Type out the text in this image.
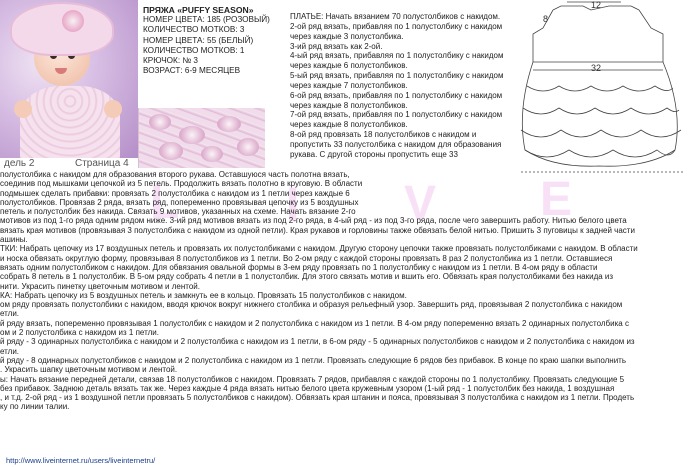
дель 2	Страница 4
ПРЯЖА «PUFFY SEASON»
НОМЕР ЦВЕТА: 185 (РОЗОВЫЙ)
КОЛИЧЕСТВО МОТКОВ: 3
НОМЕР ЦВЕТА: 55 (БЕЛЫЙ)
КОЛИЧЕСТВО МОТКОВ: 1
КРЮЧОК: № 3
ВОЗРАСТ: 6-9 МЕСЯЦЕВ
ПЛАТЬЕ: Начать вязанием 70 полустолбиков с накидом.
2-ой ряд вязать, прибавляя по 1 полустолбику с накидом
через каждые 3 полустолбика.
3-ий ряд вязать как 2-ой.
4-ый ряд вязать, прибавляя по 1 полустолбику с накидом
через каждые 6 полустолбиков.
5-ый ряд вязать, прибавляя по 1 полустолбику с накидом
через каждые 7 полустолбиков.
6-ой ряд вязать, прибавляя по 1 полустолбику с накидом
через каждые 8 полустолбиков.
7-ой ряд вязать, прибавляя по 1 полустолбику с накидом
через каждые 8 полустолбиков.
8-ой ряд провязать 18 полустолбиков с накидом и
пропустить 33 полустолбика с накидом для образования
рукава. С другой стороны пропустить еще 33
12
8
32
L I V E
полустолбика с накидом для образования второго рукава. Оставшуюся часть полотна вязать,
соединив под мышками цепочкой из 5 петель. Продолжить вязать полотно в круговую. В области
подмышек сделать прибавки: провязать 2 полустолбика с накидом из 1 петли через каждые 6
полустолбиков. Провязав 2 ряда, вязать ряд, попеременно провязывая цепочку из 5 воздушных
петель и полустолбик без накида. Связать 9 мотивов, указанных на схеме. Начать вязание 2-го
мотивов из под 1-го ряда одним рядом ниже. 3-ий ряд мотивов вязать из под 2-го ряда, в 4-ый ряд - из под 3-го ряда, после чего завершить работу. Нитью белого цвета
вязать края мотивов (провязывая 3 полустолбика с накидом из одной петли). Края рукавов и горловины также обвязать белой нитью. Пришить 3 пуговицы к задней части
ашины.
ТКИ: Набрать цепочку из 17 воздушных петель и провязать их полустолбиками с накидом. Другую сторону цепочки также провязать полустолбиками с накидом. В области
и носка обвязать округлую форму, провязывая 8 полустолбиков из 1 петли. Во 2-ом ряду с каждой стороны провязать 8 раз 2 полустолбика из 1 петли. Оставшиеся
вязать одним полустолбиком с накидом. Для обвязания овальной формы в 3-ем ряду провязать по 1 полустолбику с накидом из 1 петли. В 4-ом ряду в области
собрать 8 петель в 1 полустолбик. В 5-ом ряду собрать 4 петли в 1 полустолбик. Для этого связать мотив и вшить его. Обвязать края полустолбиками без накида из
нити. Украсить пинетку цветочным мотивом и лентой.
КА: Набрать цепочку из 5 воздушных петель и замкнуть ее в кольцо. Провязать 15 полустолбиков с накидом.
ом ряду провязать полустолбики с накидом, вводя крючок вокруг нижнего столбика и образуя рельефный узор. Завершить ряд, провязывая 2 полустолбика с накидом
етли.
й ряду вязать, попеременно провязывая 1 полустолбик с накидом и 2 полустолбика с накидом из 1 петли. В 4-ом ряду попеременно вязать 2 одинарных полустолбика с
ом и 2 полустолбика с накидом из 1 петли.
й ряду - 3 одинарных полустолбика с накидом и 2 полустолбика с накидом из 1 петли, в 6-ом ряду - 5 одинарных полустолбиков с накидом и 2 полустолбика с накидом из
етли.
й ряду - 8 одинарных полустолбиков с накидом и 2 полустолбика с накидом из 1 петли. Провязать следующие 6 рядов без прибавок. В конце по краю шапки выполнить
. Украсить шапку цветочным мотивом и лентой.
ы: Начать вязание передней детали, связав 18 полустолбиков с накидом. Провязать 7 рядов, прибавляя с каждой стороны по 1 полустолбику. Провязать следующие 5
без прибавок. Заднюю деталь вязать так же. Через каждые 4 ряда вязать нитью белого цвета кружевным узором (1-ый ряд - 1 полустолбик без накида, 1 воздушная
, и т.д. 2-ой ряд - из 1 воздушной петли провязать 5 полустолбиков с накидом). Обвязать края штанин и пояса, провязывая 3 полустолбика с накидом из 1 петли. Продеть
ку по линии талии.
http://www.liveinternet.ru/users/liveinternetru/
